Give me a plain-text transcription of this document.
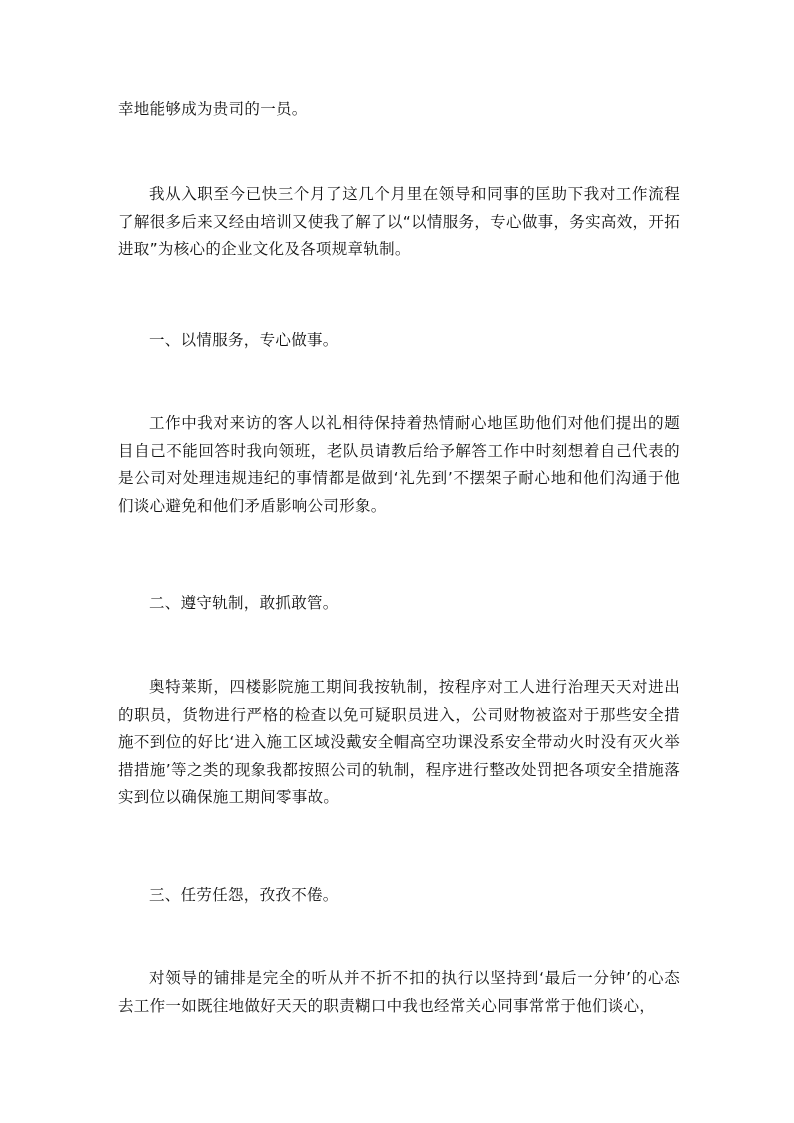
幸地能够成为贵司的一员。

我从入职至今已快三个月了这几个月里在领导和同事的匡助下我对工作流程了解很多后来又经由培训又使我了解了以“以情服务，专心做事，务实高效，开拓进取”为核心的企业文化及各项规章轨制。

一、以情服务，专心做事。

工作中我对来访的客人以礼相待保持着热情耐心地匡助他们对他们提出的题目自己不能回答时我向领班，老队员请教后给予解答工作中时刻想着自己代表的是公司对处理违规违纪的事情都是做到‘礼先到’不摆架子耐心地和他们沟通于他们谈心避免和他们矛盾影响公司形象。

二、遵守轨制，敢抓敢管。

奥特莱斯，四楼影院施工期间我按轨制，按程序对工人进行治理天天对进出的职员，货物进行严格的检查以免可疑职员进入，公司财物被盗对于那些安全措施不到位的好比‘进入施工区域没戴安全帽高空功课没系安全带动火时没有灭火举措措施’等之类的现象我都按照公司的轨制，程序进行整改处罚把各项安全措施落实到位以确保施工期间零事故。

三、任劳任怨，孜孜不倦。

对领导的铺排是完全的听从并不折不扣的执行以坚持到‘最后一分钟’的心态去工作一如既往地做好天天的职责糊口中我也经常关心同事常常于他们谈心，
